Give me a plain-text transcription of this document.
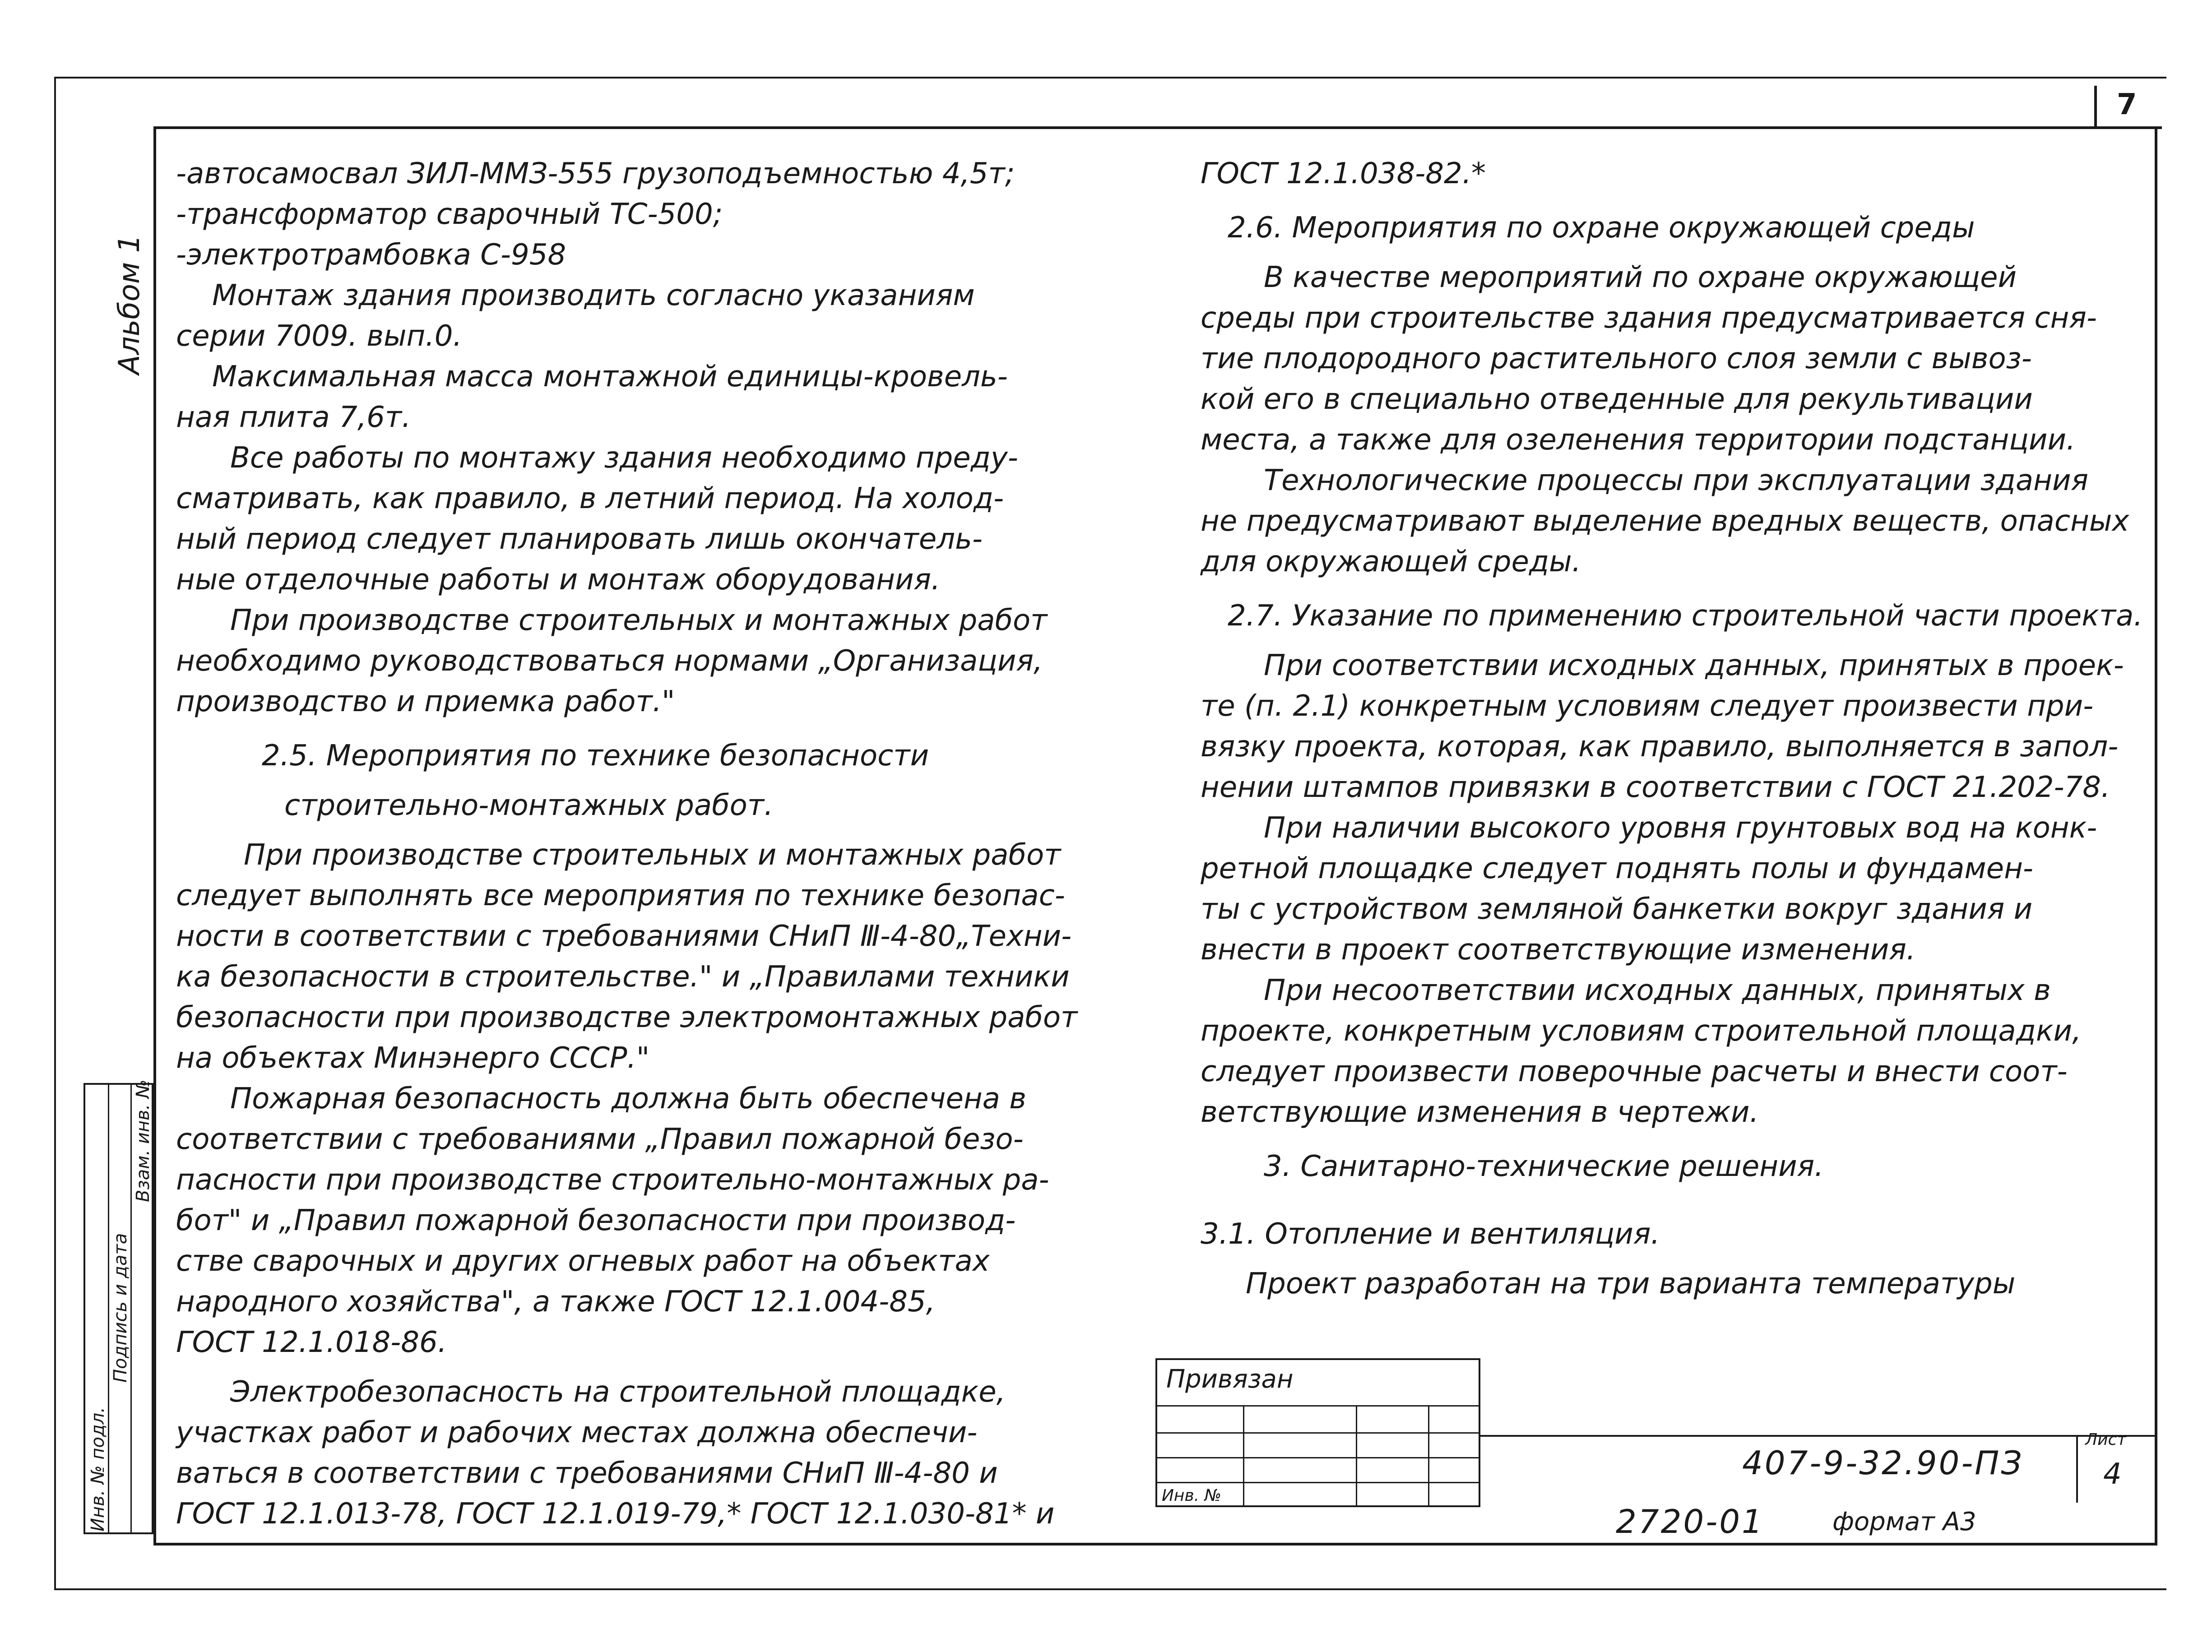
7
Альбом 1

-автосамосвал ЗИЛ-ММЗ-555 грузоподъемностью 4,5т;

-трансформатор сварочный ТС-500;

-электротрамбовка С-958

Монтаж здания производить согласно указаниям

серии 7009. вып.0.

Максимальная масса монтажной единицы-кровель-

ная плита 7,6т.

Все работы по монтажу здания необходимо преду-

сматривать, как правило, в летний период. На холод-

ный период следует планировать лишь окончатель-

ные отделочные работы и монтаж оборудования.

При производстве строительных и монтажных работ

необходимо руководствоваться нормами „Организация,

производство и приемка работ."

2.5. Мероприятия по технике безопасности

строительно-монтажных работ.

При производстве строительных и монтажных работ

следует выполнять все мероприятия по технике безопас-

ности в соответствии с требованиями СНиП Ⅲ-4-80„Техни-

ка безопасности в строительстве." и „Правилами техники

безопасности при производстве электромонтажных работ

на объектах Минэнерго СССР."

Пожарная безопасность должна быть обеспечена в

соответствии с требованиями „Правил пожарной безо-

пасности при производстве строительно-монтажных ра-

бот" и „Правил пожарной безопасности при производ-

стве сварочных и других огневых работ на объектах

народного хозяйства", а также ГОСТ 12.1.004-85,

ГОСТ 12.1.018-86.

Электробезопасность на строительной площадке,

участках работ и рабочих местах должна обеспечи-

ваться в соответствии с требованиями СНиП Ⅲ-4-80 и

ГОСТ 12.1.013-78, ГОСТ 12.1.019-79,* ГОСТ 12.1.030-81* и

ГОСТ 12.1.038-82.*

2.6. Мероприятия по охране окружающей среды

В качестве мероприятий по охране окружающей

среды при строительстве здания предусматривается сня-

тие плодородного растительного слоя земли с вывоз-

кой его в специально отведенные для рекультивации

места, а также для озеленения территории подстанции.

Технологические процессы при эксплуатации здания

не предусматривают выделение вредных веществ, опасных

для окружающей среды.

2.7. Указание по применению строительной части проекта.

При соответствии исходных данных, принятых в проек-

те (п. 2.1) конкретным условиям следует произвести при-

вязку проекта, которая, как правило, выполняется в запол-

нении штампов привязки в соответствии с ГОСТ 21.202-78.

При наличии высокого уровня грунтовых вод на конк-

ретной площадке следует поднять полы и фундамен-

ты с устройством земляной банкетки вокруг здания и

внести в проект соответствующие изменения.

При несоответствии исходных данных, принятых в

проекте, конкретным условиям строительной площадки,

следует произвести поверочные расчеты и внести соот-

ветствующие изменения в чертежи.

3. Санитарно-технические решения.

3.1. Отопление и вентиляция.

Проект разработан на три варианта температуры

Инв. № подл.
Подпись и дата
Взам. инв. №
Привязан
Инв. №
407-9-32.90-ПЗ
Лист
4
2720-01	формат А3
